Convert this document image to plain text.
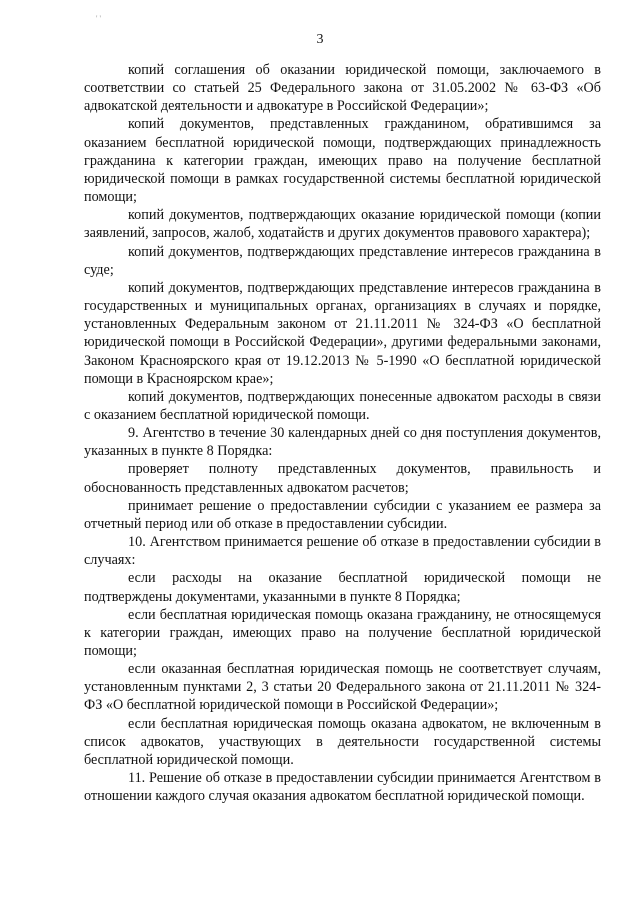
' '
3

копий соглашения об оказании юридической помощи, заключаемого в соответствии со статьей 25 Федерального закона от 31.05.2002 № 63-ФЗ «Об адвокатской деятельности и адвокатуре в Российской Федерации»;

копий документов, представленных гражданином, обратившимся за оказанием бесплатной юридической помощи, подтверждающих принадлежность гражданина к категории граждан, имеющих право на получение бесплатной юридической помощи в рамках государственной системы бесплатной юридической помощи;

копий документов, подтверждающих оказание юридической помощи (копии заявлений, запросов, жалоб, ходатайств и других документов правового характера);

копий документов, подтверждающих представление интересов гражданина в суде;

копий документов, подтверждающих представление интересов гражданина в государственных и муниципальных органах, организациях в случаях и порядке, установленных Федеральным законом от 21.11.2011 № 324-ФЗ «О бесплатной юридической помощи в Российской Федерации», другими федеральными законами, Законом Красноярского края от 19.12.2013 № 5-1990 «О бесплатной юридической помощи в Красноярском крае»;

копий документов, подтверждающих понесенные адвокатом расходы в связи с оказанием бесплатной юридической помощи.

9. Агентство в течение 30 календарных дней со дня поступления документов, указанных в пункте 8 Порядка:

проверяет полноту представленных документов, правильность и обоснованность представленных адвокатом расчетов;

принимает решение о предоставлении субсидии с указанием ее размера за отчетный период или об отказе в предоставлении субсидии.

10. Агентством принимается решение об отказе в предоставлении субсидии в случаях:

если расходы на оказание бесплатной юридической помощи не подтверждены документами, указанными в пункте 8 Порядка;

если бесплатная юридическая помощь оказана гражданину, не относящемуся к категории граждан, имеющих право на получение бесплатной юридической помощи;

если оказанная бесплатная юридическая помощь не соответствует случаям, установленным пунктами 2, 3 статьи 20 Федерального закона от 21.11.2011 № 324-ФЗ «О бесплатной юридической помощи в Российской Федерации»;

если бесплатная юридическая помощь оказана адвокатом, не включенным в список адвокатов, участвующих в деятельности государственной системы бесплатной юридической помощи.

11. Решение об отказе в предоставлении субсидии принимается Агентством в отношении каждого случая оказания адвокатом бесплатной юридической помощи.
